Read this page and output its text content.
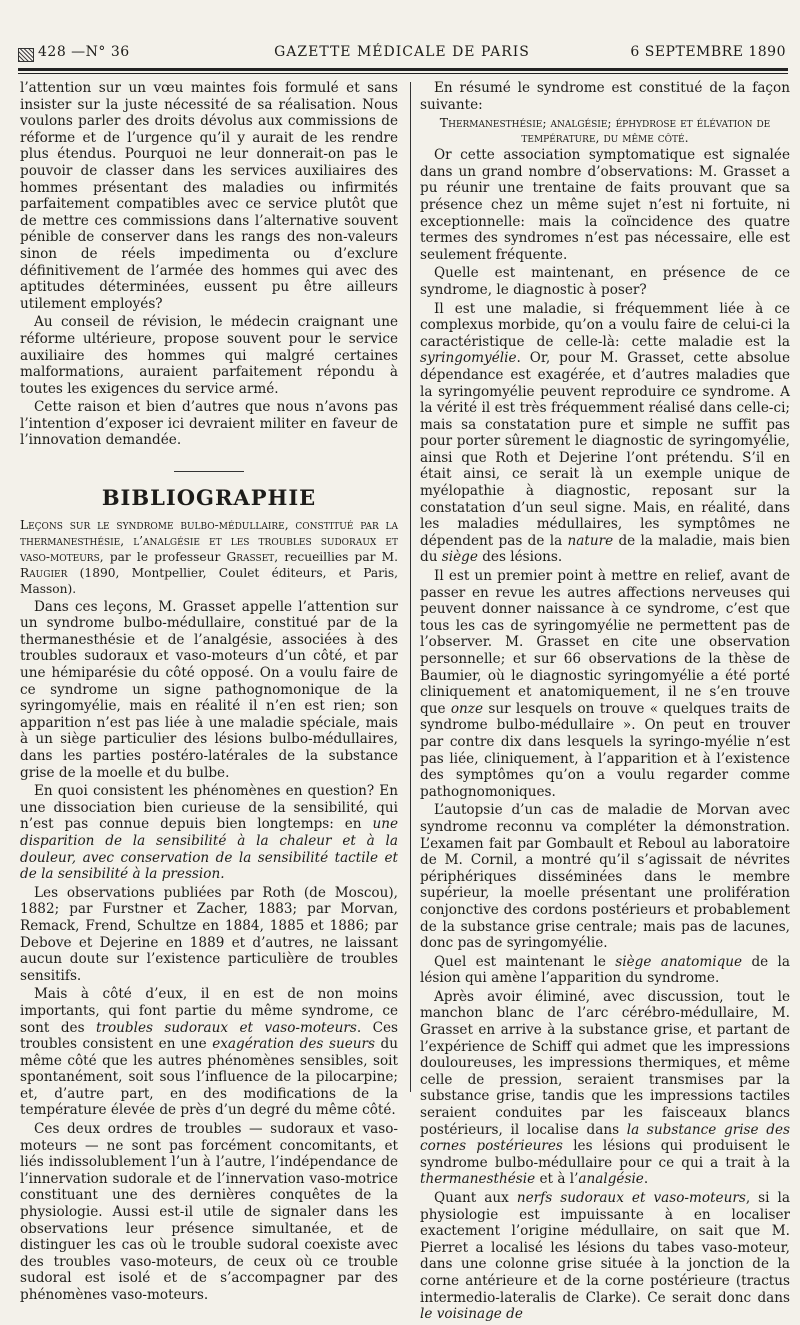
428 —N° 36	GAZETTE MÉDICALE DE PARIS	6 SEPTEMBRE 1890

l’attention sur un vœu maintes fois formulé et sans insister sur la juste nécessité de sa réalisation. Nous voulons parler des droits dévolus aux commissions de réforme et de l’urgence qu’il y aurait de les rendre plus étendus. Pourquoi ne leur donnerait-on pas le pouvoir de classer dans les services auxiliaires des hommes présentant des maladies ou infirmités parfaitement compatibles avec ce service plutôt que de mettre ces commissions dans l’alternative souvent pénible de conserver dans les rangs des non-valeurs sinon de réels impedimenta ou d’exclure définitivement de l’armée des hommes qui avec des aptitudes déterminées, eussent pu être ailleurs utilement employés?

Au conseil de révision, le médecin craignant une réforme ultérieure, propose souvent pour le service auxiliaire des hommes qui malgré certaines malformations, auraient parfaitement répondu à toutes les exigences du service armé.

Cette raison et bien d’autres que nous n’avons pas l’intention d’exposer ici devraient militer en faveur de l’innovation demandée.

BIBLIOGRAPHIE

Leçons sur le syndrome bulbo-médullaire, constitué par la thermanesthésie, l’analgésie et les troubles sudoraux et vaso-moteurs, par le professeur Grasset, recueillies par M. Raugier (1890, Montpellier, Coulet éditeurs, et Paris, Masson).

Dans ces leçons, M. Grasset appelle l’attention sur un syndrome bulbo-médullaire, constitué par de la thermanesthésie et de l’analgésie, associées à des troubles sudoraux et vaso-moteurs d’un côté, et par une hémiparésie du côté opposé. On a voulu faire de ce syndrome un signe pathognomonique de la syringomyélie, mais en réalité il n’en est rien; son apparition n’est pas liée à une maladie spéciale, mais à un siège particulier des lésions bulbo-médullaires, dans les parties postéro-latérales de la substance grise de la moelle et du bulbe.

En quoi consistent les phénomènes en question? En une dissociation bien curieuse de la sensibilité, qui n’est pas connue depuis bien longtemps: en une disparition de la sensibilité à la chaleur et à la douleur, avec conservation de la sensibilité tactile et de la sensibilité à la pression.

Les observations publiées par Roth (de Moscou), 1882; par Furstner et Zacher, 1883; par Morvan, Remack, Frend, Schultze en 1884, 1885 et 1886; par Debove et Dejerine en 1889 et d’autres, ne laissant aucun doute sur l’existence particulière de troubles sensitifs.

Mais à côté d’eux, il en est de non moins importants, qui font partie du même syndrome, ce sont des troubles sudoraux et vaso-moteurs. Ces troubles consistent en une exagération des sueurs du même côté que les autres phénomènes sensibles, soit spontanément, soit sous l’influence de la pilocarpine; et, d’autre part, en des modifications de la température élevée de près d’un degré du même côté.

Ces deux ordres de troubles — sudoraux et vaso-moteurs — ne sont pas forcément concomitants, et liés indissolublement l’un à l’autre, l’indépendance de l’innervation sudorale et de l’innervation vaso-motrice constituant une des dernières conquêtes de la physiologie. Aussi est-il utile de signaler dans les observations leur présence simultanée, et de distinguer les cas où le trouble sudoral coexiste avec des troubles vaso-moteurs, de ceux où ce trouble sudoral est isolé et de s’accompagner par des phénomènes vaso-moteurs.

En résumé le syndrome est constitué de la façon suivante:

Thermanesthésie; analgésie; éphydrose et élévation de température, du même côté.

Or cette association symptomatique est signalée dans un grand nombre d’observations: M. Grasset a pu réunir une trentaine de faits prouvant que sa présence chez un même sujet n’est ni fortuite, ni exceptionnelle: mais la coïncidence des quatre termes des syndromes n’est pas nécessaire, elle est seulement fréquente.

Quelle est maintenant, en présence de ce syndrome, le diagnostic à poser?

Il est une maladie, si fréquemment liée à ce complexus morbide, qu’on a voulu faire de celui-ci la caractéristique de celle-là: cette maladie est la syringomyélie. Or, pour M. Grasset, cette absolue dépendance est exagérée, et d’autres maladies que la syringomyélie peuvent reproduire ce syndrome. A la vérité il est très fréquemment réalisé dans celle-ci; mais sa constatation pure et simple ne suffit pas pour porter sûrement le diagnostic de syringomyélie, ainsi que Roth et Dejerine l’ont prétendu. S’il en était ainsi, ce serait là un exemple unique de myélopathie à diagnostic, reposant sur la constatation d’un seul signe. Mais, en réalité, dans les maladies médullaires, les symptômes ne dépendent pas de la nature de la maladie, mais bien du siège des lésions.

Il est un premier point à mettre en relief, avant de passer en revue les autres affections nerveuses qui peuvent donner naissance à ce syndrome, c’est que tous les cas de syringomyélie ne permettent pas de l’observer. M. Grasset en cite une observation personnelle; et sur 66 observations de la thèse de Baumier, où le diagnostic syringomyélie a été porté cliniquement et anatomiquement, il ne s’en trouve que onze sur lesquels on trouve « quelques traits de syndrome bulbo-médullaire ». On peut en trouver par contre dix dans lesquels la syringo-myélie n’est pas liée, cliniquement, à l’apparition et à l’existence des symptômes qu’on a voulu regarder comme pathognomoniques.

L’autopsie d’un cas de maladie de Morvan avec syndrome reconnu va compléter la démonstration. L’examen fait par Gombault et Reboul au laboratoire de M. Cornil, a montré qu’il s’agissait de névrites périphériques disséminées dans le membre supérieur, la moelle présentant une prolifération conjonctive des cordons postérieurs et probablement de la substance grise centrale; mais pas de lacunes, donc pas de syringomyélie.

Quel est maintenant le siège anatomique de la lésion qui amène l’apparition du syndrome.

Après avoir éliminé, avec discussion, tout le manchon blanc de l’arc cérébro-médullaire, M. Grasset en arrive à la substance grise, et partant de l’expérience de Schiff qui admet que les impressions douloureuses, les impressions thermiques, et même celle de pression, seraient transmises par la substance grise, tandis que les impressions tactiles seraient conduites par les faisceaux blancs postérieurs, il localise dans la substance grise des cornes postérieures les lésions qui produisent le syndrome bulbo-médullaire pour ce qui a trait à la thermanesthésie et à l’analgésie.

Quant aux nerfs sudoraux et vaso-moteurs, si la physiologie est impuissante à en localiser exactement l’origine médullaire, on sait que M. Pierret a localisé les lésions du tabes vaso-moteur, dans une colonne grise située à la jonction de la corne antérieure et de la corne postérieure (tractus intermedio-lateralis de Clarke). Ce serait donc dans le voisinage de
